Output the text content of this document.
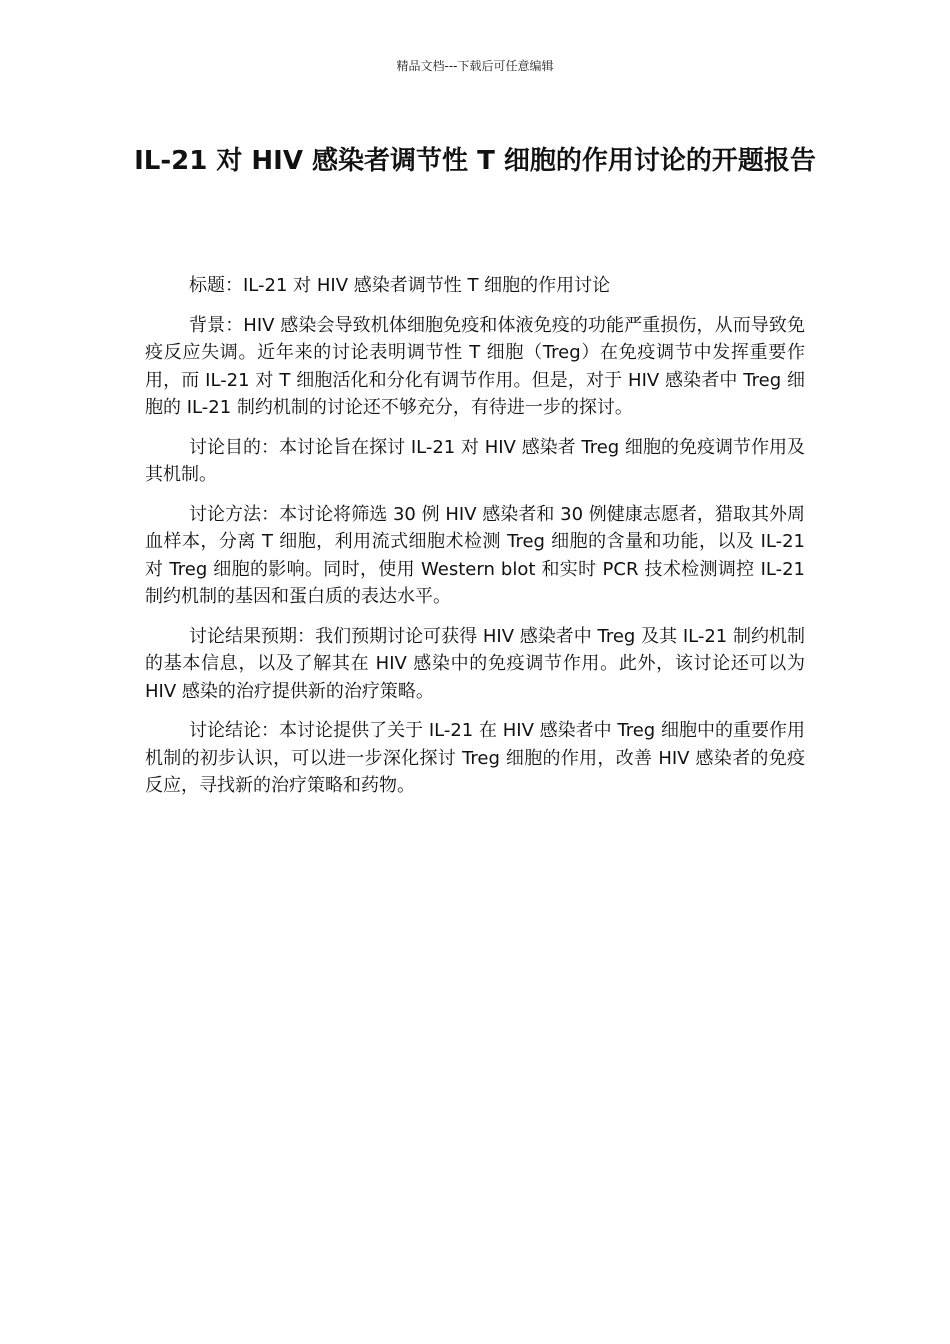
精品文档---下载后可任意编辑
IL-21 对 HIV 感染者调节性 T 细胞的作用讨论的开题报告

标题：IL-21 对 HIV 感染者调节性 T 细胞的作用讨论

背景：HIV 感染会导致机体细胞免疫和体液免疫的功能严重损伤，从而导致免疫反应失调。近年来的讨论表明调节性 T 细胞（Treg）在免疫调节中发挥重要作用，而 IL-21 对 T 细胞活化和分化有调节作用。但是，对于 HIV 感染者中 Treg 细胞的 IL-21 制约机制的讨论还不够充分，有待进一步的探讨。

讨论目的：本讨论旨在探讨 IL-21 对 HIV 感染者 Treg 细胞的免疫调节作用及其机制。

讨论方法：本讨论将筛选 30 例 HIV 感染者和 30 例健康志愿者，猎取其外周血样本，分离 T 细胞，利用流式细胞术检测 Treg 细胞的含量和功能，以及 IL-21 对 Treg 细胞的影响。同时，使用 Western blot 和实时 PCR 技术检测调控 IL-21 制约机制的基因和蛋白质的表达水平。

讨论结果预期：我们预期讨论可获得 HIV 感染者中 Treg 及其 IL-21 制约机制的基本信息，以及了解其在 HIV 感染中的免疫调节作用。此外，该讨论还可以为 HIV 感染的治疗提供新的治疗策略。

讨论结论：本讨论提供了关于 IL-21 在 HIV 感染者中 Treg 细胞中的重要作用机制的初步认识，可以进一步深化探讨 Treg 细胞的作用，改善 HIV 感染者的免疫反应，寻找新的治疗策略和药物。
